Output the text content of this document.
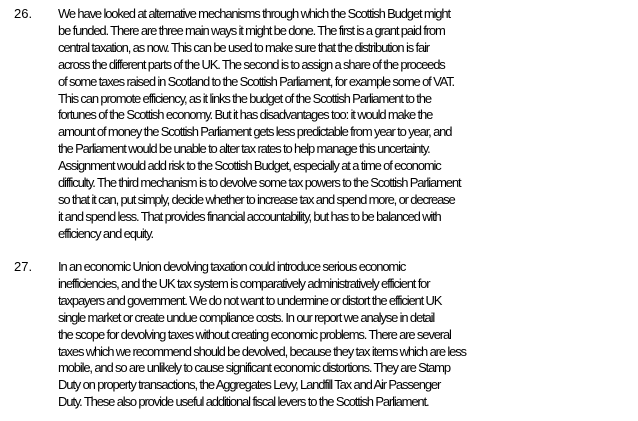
26. We have looked at alternative mechanisms through which the Scottish Budget might
be funded. There are three main ways it might be done. The first is a grant paid from
central taxation, as now. This can be used to make sure that the distribution is fair
across the different parts of the UK. The second is to assign a share of the proceeds
of some taxes raised in Scotland to the Scottish Parliament, for example some of VAT.
This can promote efficiency, as it links the budget of the Scottish Parliament to the
fortunes of the Scottish economy. But it has disadvantages too: it would make the
amount of money the Scottish Parliament gets less predictable from year to year, and
the Parliament would be unable to alter tax rates to help manage this uncertainty.
Assignment would add risk to the Scottish Budget, especially at a time of economic
difficulty. The third mechanism is to devolve some tax powers to the Scottish Parliament
so that it can, put simply, decide whether to increase tax and spend more, or decrease
it and spend less. That provides financial accountability, but has to be balanced with
efficiency and equity.
27. In an economic Union devolving taxation could introduce serious economic
inefficiencies, and the UK tax system is comparatively administratively efficient for
taxpayers and government. We do not want to undermine or distort the efficient UK
single market or create undue compliance costs. In our report we analyse in detail
the scope for devolving taxes without creating economic problems. There are several
taxes which we recommend should be devolved, because they tax items which are less
mobile, and so are unlikely to cause significant economic distortions. They are Stamp
Duty on property transactions, the Aggregates Levy, Landfill Tax and Air Passenger
Duty. These also provide useful additional fiscal levers to the Scottish Parliament.
